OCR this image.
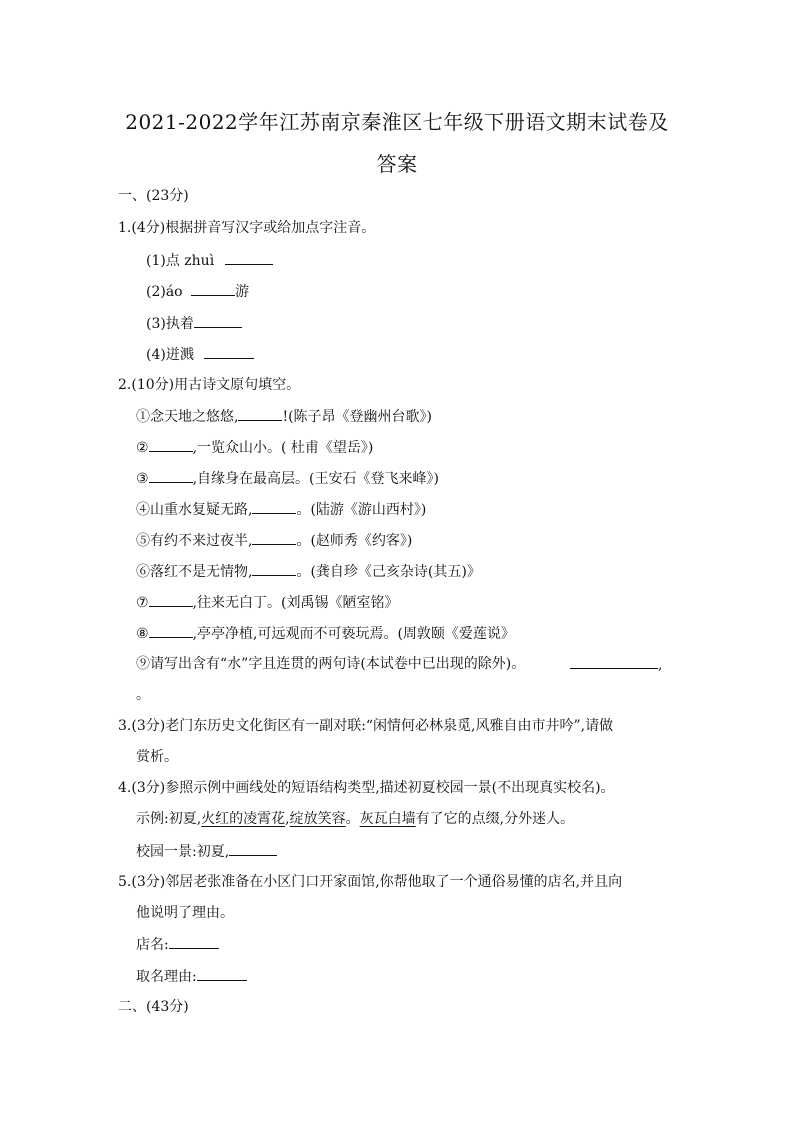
2021-2022学年江苏南京秦淮区七年级下册语文期末试卷及
答案
一、(23分)
1.(4分)根据拼音写汉字或给加点字注音。
(1)点 zhuì
(2)áo	游
(3)执着
(4)迸溅
2.(10分)用古诗文原句填空。
①念天地之悠悠,	!(陈子昂《登幽州台歌》)
②	,一览众山小。( 杜甫《望岳》)
③	,自缘身在最高层。(王安石《登飞来峰》)
④山重水复疑无路,	。(陆游《游山西村》)
⑤有约不来过夜半,	。(赵师秀《约客》)
⑥落红不是无情物,	。(龚自珍《己亥杂诗(其五)》
⑦	,往来无白丁。(刘禹锡《陋室铭》
⑧	,亭亭净植,可远观而不可亵玩焉。(周敦颐《爱莲说》
⑨请写出含有“水”字且连贯的两句诗(本试卷中已出现的除外)。	,
。
3.(3分)老门东历史文化街区有一副对联:“闲情何必林泉觅,风雅自由市井吟”,请做
赏析。
4.(3分)参照示例中画线处的短语结构类型,描述初夏校园一景(不出现真实校名)。
示例:初夏,火红的凌霄花,绽放笑容。灰瓦白墙有了它的点缀,分外迷人。
校园一景:初夏,
5.(3分)邻居老张准备在小区门口开家面馆,你帮他取了一个通俗易懂的店名,并且向
他说明了理由。
店名:
取名理由:
二、(43分)
